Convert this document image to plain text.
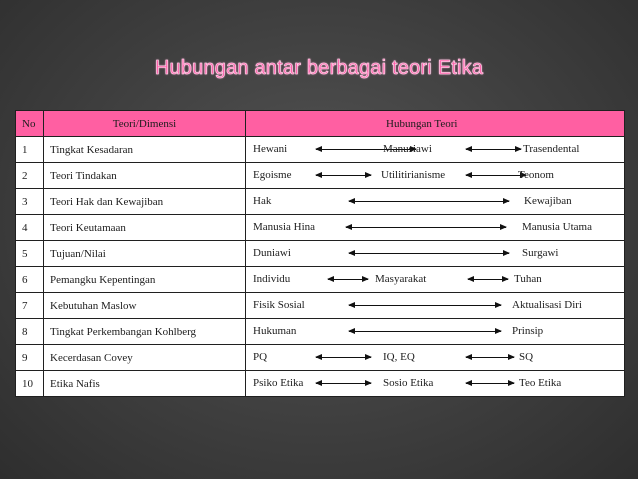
Hubungan antar berbagai teori Etika
No	Teori/Dimensi	Hubungan Teori
1	Tingkat Kesadaran	Hewani Manusiawi Trasendental

2	Teori Tindakan	Egoisme Utilitirianisme Teonom

3	Teori Hak dan Kewajiban	Hak Kewajiban

4	Teori Keutamaan	Manusia Hina Manusia Utama

5	Tujuan/Nilai	Duniawi Surgawi

6	Pemangku Kepentingan	Individu Masyarakat Tuhan

7	Kebutuhan Maslow	Fisik Sosial Aktualisasi Diri

8	Tingkat Perkembangan Kohlberg	Hukuman Prinsip

9	Kecerdasan Covey	PQ IQ, EQ SQ

10	Etika Nafis	Psiko Etika Sosio Etika Teo Etika
